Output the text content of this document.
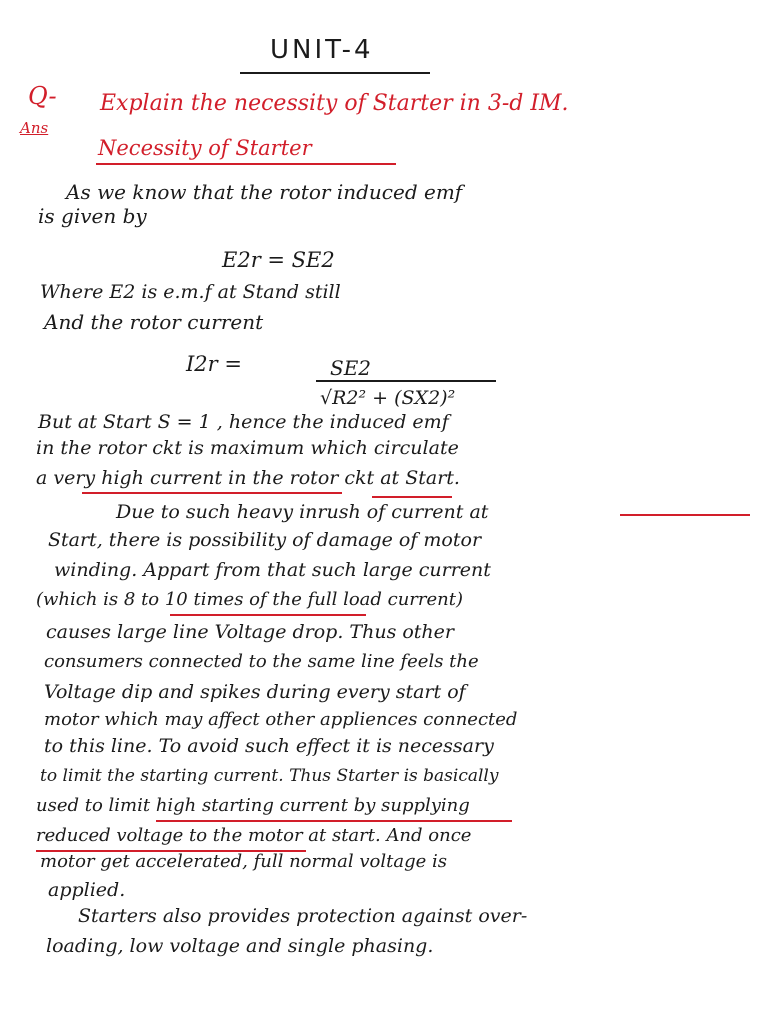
UNIT-4
Q- Explain the necessity of Starter in 3-d IM.
Ans
Necessity of Starter
As we know that the rotor induced emf
is given by
E2r = SE2
Where E2 is e.m.f at Stand still
And the rotor current
I2r =	SE2
√R2² + (SX2)²
But at Start S = 1 , hence the induced emf
in the rotor ckt is maximum which circulate
a very high current in the rotor ckt at Start.
Due to such heavy inrush of current at
Start, there is possibility of damage of motor
winding. Appart from that such large current
(which is 8 to 10 times of the full load current)
causes large line Voltage drop. Thus other
consumers connected to the same line feels the
Voltage dip and spikes during every start of
motor which may affect other appliences connected
to this line. To avoid such effect it is necessary
to limit the starting current. Thus Starter is basically
used to limit high starting current by supplying
reduced voltage to the motor at start. And once
motor get accelerated, full normal voltage is
applied.
Starters also provides protection against over-
loading, low voltage and single phasing.
